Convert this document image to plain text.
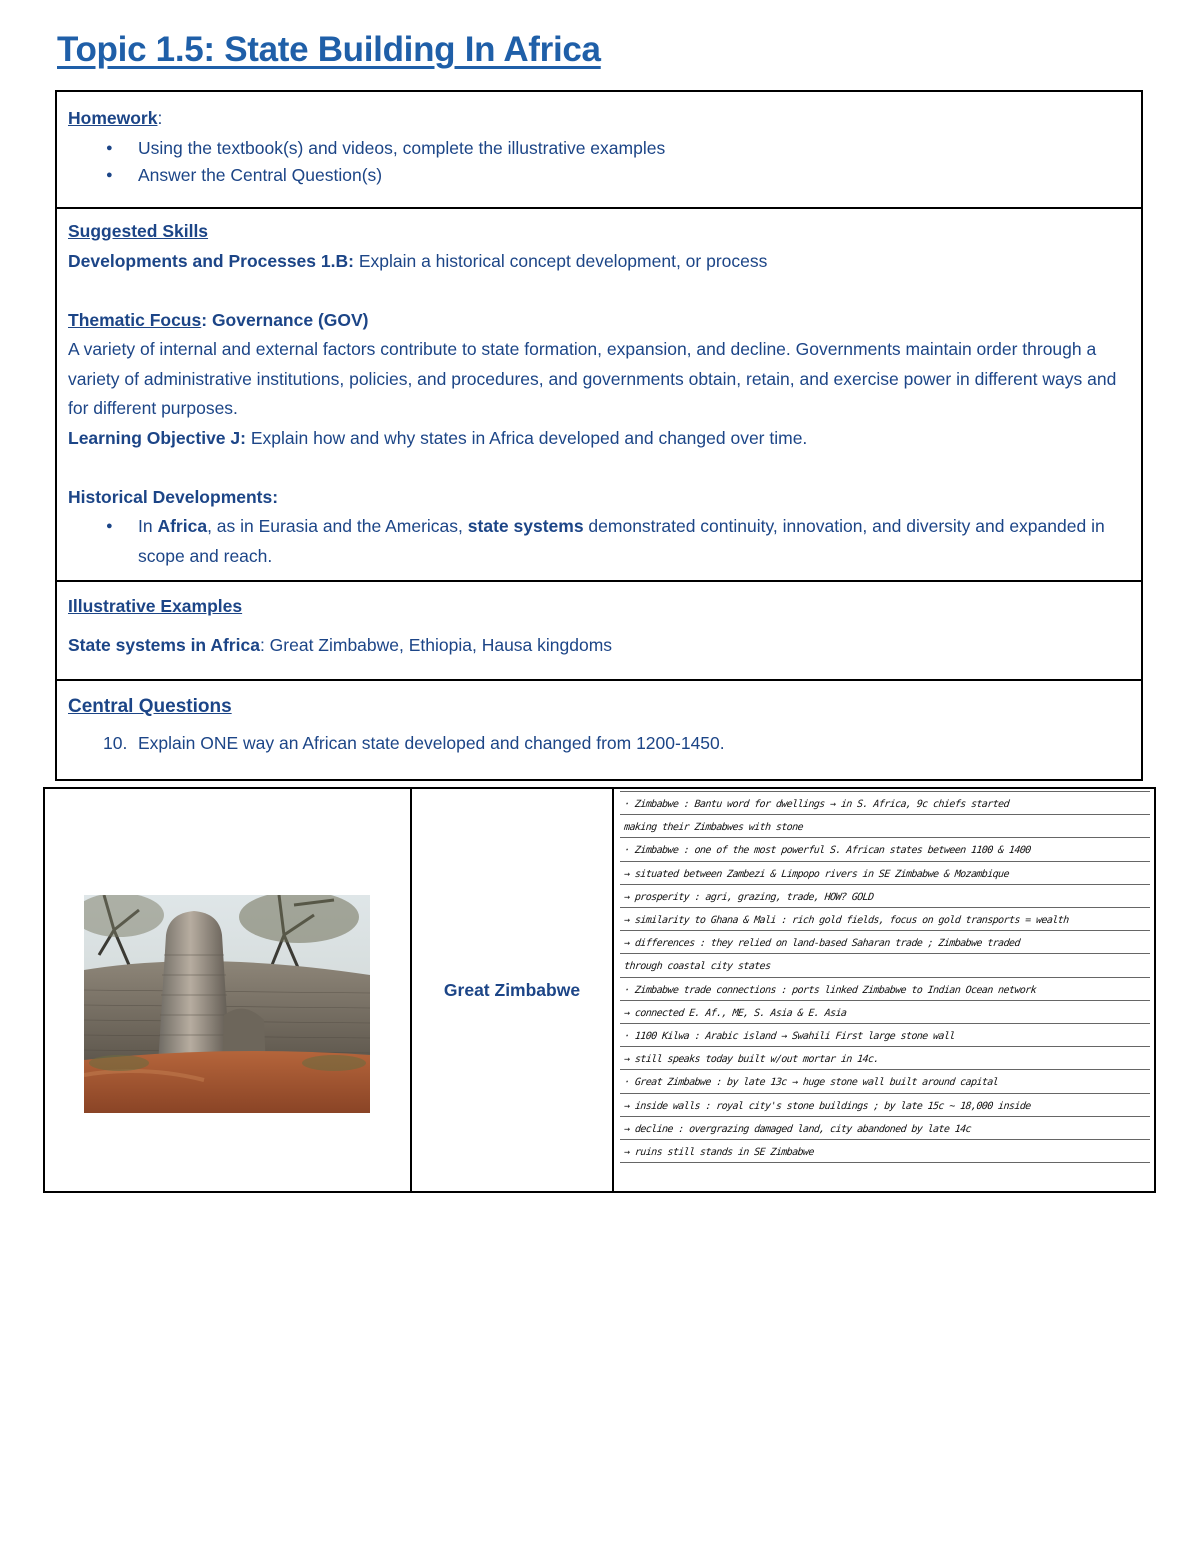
Topic 1.5: State Building In Africa
Homework:
● Using the textbook(s) and videos, complete the illustrative examples
● Answer the Central Question(s)
Suggested Skills
Developments and Processes 1.B: Explain a historical concept development, or process

Thematic Focus: Governance (GOV)
A variety of internal and external factors contribute to state formation, expansion, and decline. Governments maintain order through a variety of administrative institutions, policies, and procedures, and governments obtain, retain, and exercise power in different ways and for different purposes.
Learning Objective J: Explain how and why states in Africa developed and changed over time.

Historical Developments:
● In Africa, as in Eurasia and the Americas, state systems demonstrated continuity, innovation, and diversity and expanded in scope and reach.
Illustrative Examples
State systems in Africa: Great Zimbabwe, Ethiopia, Hausa kingdoms
Central Questions
10. Explain ONE way an African state developed and changed from 1200-1450.
Great Zimbabwe
· Zimbabwe : Bantu word for dwellings → in S. Africa, 9c chiefs started
making their Zimbabwes with stone
· Zimbabwe : one of the most powerful S. African states between 1100 & 1400
→ situated between Zambezi & Limpopo rivers in SE Zimbabwe & Mozambique
→ prosperity : agri, grazing, trade, HOW? GOLD
→ similarity to Ghana & Mali : rich gold fields, focus on gold transports = wealth
→ differences : they relied on land-based Saharan trade ; Zimbabwe traded
through coastal city states
· Zimbabwe trade connections : ports linked Zimbabwe to Indian Ocean network
→ connected E. Af., ME, S. Asia & E. Asia
· 1100 Kilwa : Arabic island → Swahili First large stone wall
→ still speaks today built w/out mortar in 14c.
· Great Zimbabwe : by late 13c → huge stone wall built around capital
→ inside walls : royal city's stone buildings ; by late 15c ~ 18,000 inside
→ decline : overgrazing damaged land, city abandoned by late 14c
→ ruins still stands in SE Zimbabwe
